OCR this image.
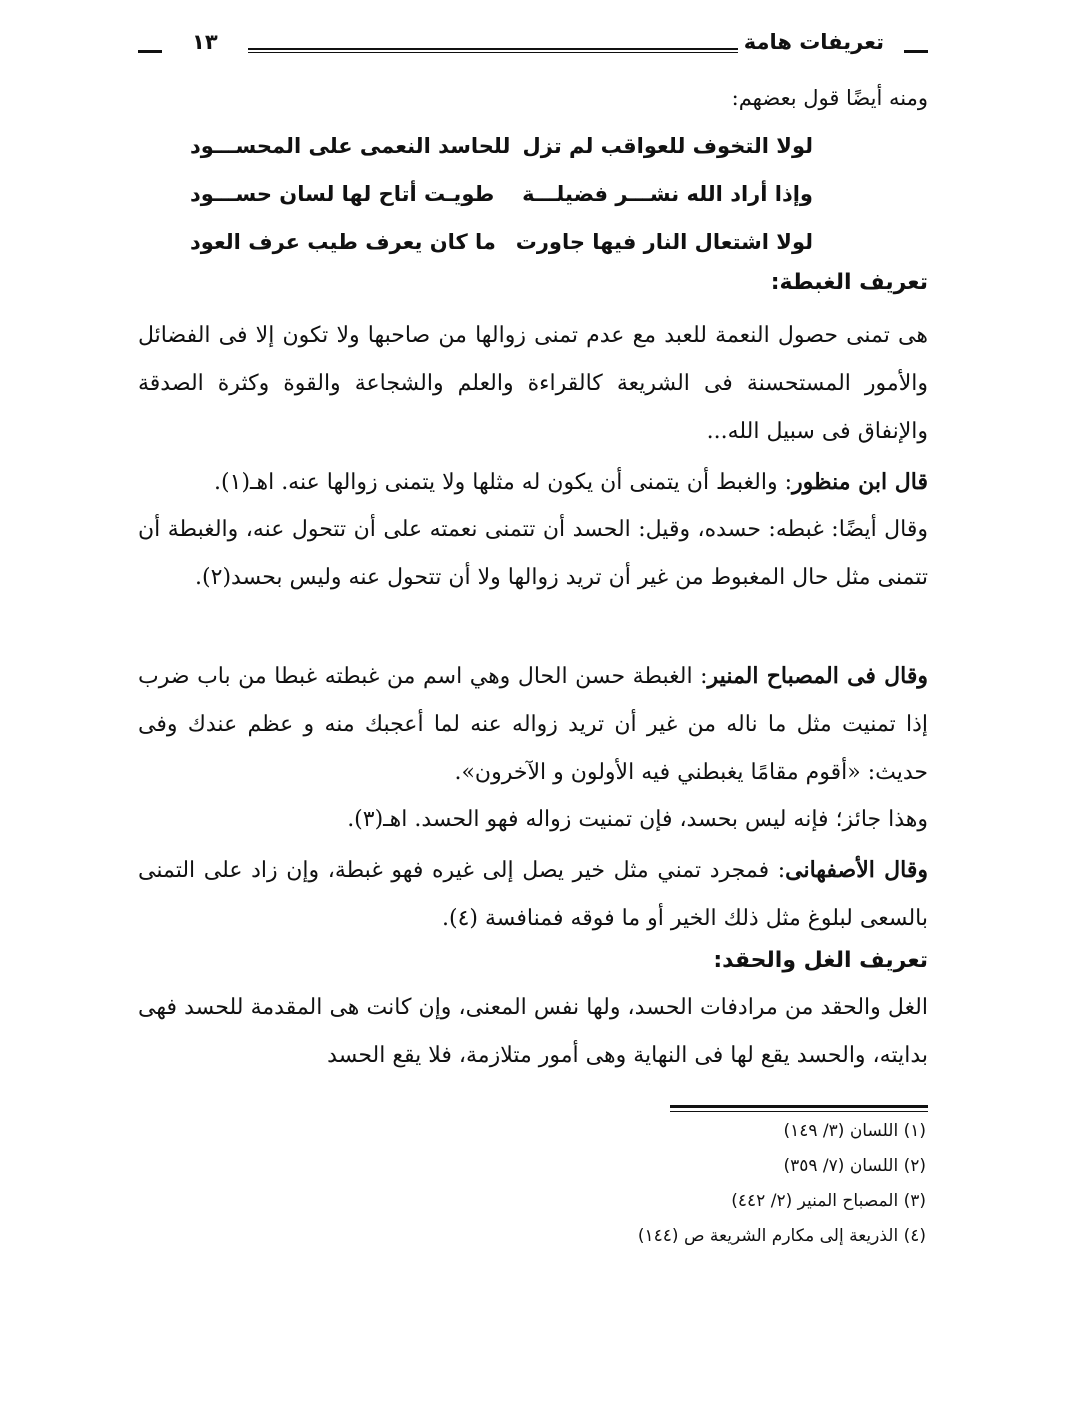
تعريفات هامة
١٣
ومنه أيضًا قول بعضهم:
لولا التخوف للعواقب لم تزل
للحاسد النعمى على المحســـود
وإذا أراد الله نشـــر فضيلـــة
طويـت أتاح لها لسان حســـود
لولا اشتعال النار فيها جاورت
ما كان يعرف طيب عرف العود
تعريف الغبطة:
هى تمنى حصول النعمة للعبد مع عدم تمنى زوالها من صاحبها ولا تكون إلا فى الفضائل والأمور المستحسنة فى الشريعة كالقراءة والعلم والشجاعة والقوة وكثرة الصدقة والإنفاق فى سبيل الله...
قال ابن منظور: والغبط أن يتمنى أن يكون له مثلها ولا يتمنى زوالها عنه. اهـ(١).
وقال أيضًا: غبطه: حسده، وقيل: الحسد أن تتمنى نعمته على أن تتحول عنه، والغبطة أن تتمنى مثل حال المغبوط من غير أن تريد زوالها ولا أن تتحول عنه وليس بحسد(٢).
وقال فى المصباح المنير: الغبطة حسن الحال وهي اسم من غبطته غبطا من باب ضرب إذا تمنيت مثل ما ناله من غير أن تريد زواله عنه لما أعجبك منه و عظم عندك وفى حديث: «أقوم مقامًا يغبطني فيه الأولون و الآخرون».
وهذا جائز؛ فإنه ليس بحسد، فإن تمنيت زواله فهو الحسد. اهـ(٣).
وقال الأصفهانى: فمجرد تمني مثل خير يصل إلى غيره فهو غبطة، وإن زاد على التمنى بالسعى لبلوغ مثل ذلك الخير أو ما فوقه فمنافسة (٤).
تعريف الغل والحقد:
الغل والحقد من مرادفات الحسد، ولها نفس المعنى، وإن كانت هى المقدمة للحسد فهى بدايته، والحسد يقع لها فى النهاية وهى أمور متلازمة، فلا يقع الحسد
(١) اللسان (٣/ ١٤٩)
(٢) اللسان (٧/ ٣٥٩)
(٣) المصباح المنير (٢/ ٤٤٢)
(٤) الذريعة إلى مكارم الشريعة ص (١٤٤)
